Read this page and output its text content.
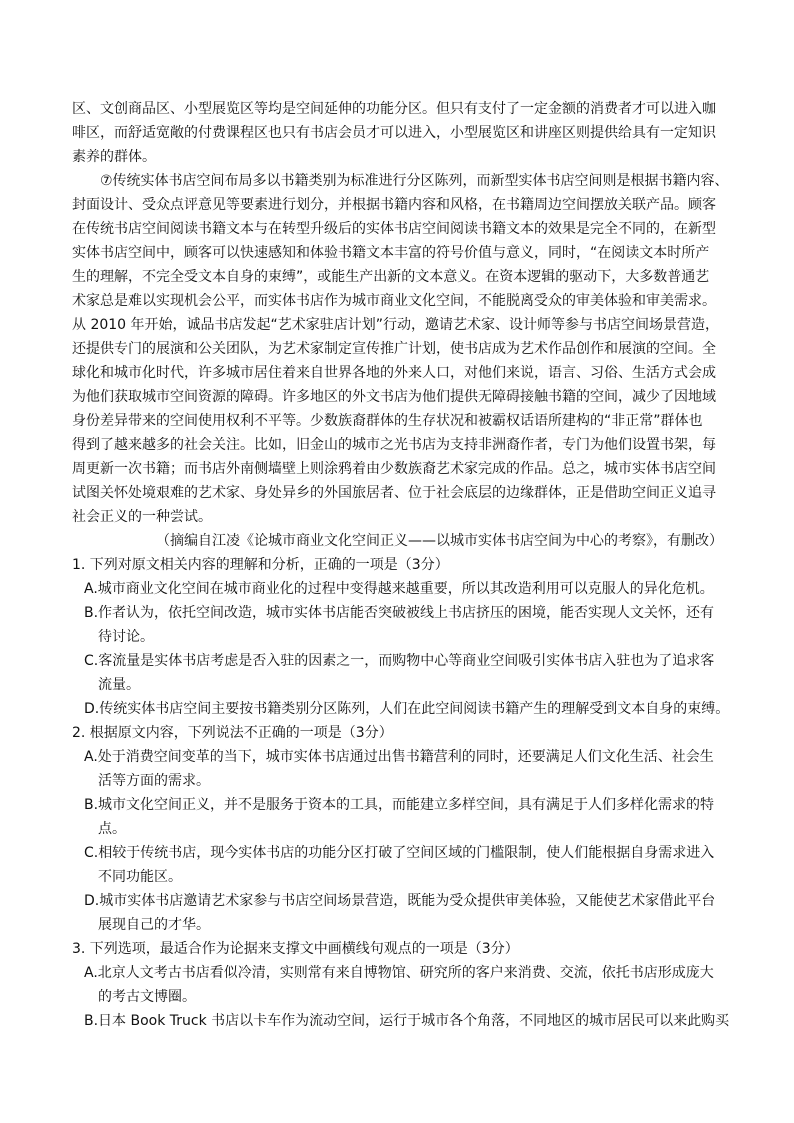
区、文创商品区、小型展览区等均是空间延伸的功能分区。但只有支付了一定金额的消费者才可以进入咖

啡区，而舒适宽敞的付费课程区也只有书店会员才可以进入，小型展览区和讲座区则提供给具有一定知识

素养的群体。

⑦传统实体书店空间布局多以书籍类别为标准进行分区陈列，而新型实体书店空间则是根据书籍内容、

封面设计、受众点评意见等要素进行划分，并根据书籍内容和风格，在书籍周边空间摆放关联产品。顾客

在传统书店空间阅读书籍文本与在转型升级后的实体书店空间阅读书籍文本的效果是完全不同的，在新型

实体书店空间中，顾客可以快速感知和体验书籍文本丰富的符号价值与意义，同时，“在阅读文本时所产

生的理解，不完全受文本自身的束缚”，或能生产出新的文本意义。在资本逻辑的驱动下，大多数普通艺

术家总是难以实现机会公平，而实体书店作为城市商业文化空间，不能脱离受众的审美体验和审美需求。

从 2010 年开始，诚品书店发起“艺术家驻店计划”行动，邀请艺术家、设计师等参与书店空间场景营造，

还提供专门的展演和公关团队，为艺术家制定宣传推广计划，使书店成为艺术作品创作和展演的空间。全

球化和城市化时代，许多城市居住着来自世界各地的外来人口，对他们来说，语言、习俗、生活方式会成

为他们获取城市空间资源的障碍。许多地区的外文书店为他们提供无障碍接触书籍的空间，减少了因地域

身份差异带来的空间使用权利不平等。少数族裔群体的生存状况和被霸权话语所建构的“非正常”群体也

得到了越来越多的社会关注。比如，旧金山的城市之光书店为支持非洲裔作者，专门为他们设置书架，每

周更新一次书籍；而书店外南侧墙壁上则涂鸦着由少数族裔艺术家完成的作品。总之，城市实体书店空间

试图关怀处境艰难的艺术家、身处异乡的外国旅居者、位于社会底层的边缘群体，正是借助空间正义追寻

社会正义的一种尝试。

（摘编自江凌《论城市商业文化空间正义——以城市实体书店空间为中心的考察》，有删改）

1. 下列对原文相关内容的理解和分析，正确的一项是（3分）

A.城市商业文化空间在城市商业化的过程中变得越来越重要，所以其改造利用可以克服人的异化危机。

B.作者认为，依托空间改造，城市实体书店能否突破被线上书店挤压的困境，能否实现人文关怀，还有
待讨论。

C.客流量是实体书店考虑是否入驻的因素之一，而购物中心等商业空间吸引实体书店入驻也为了追求客
流量。

D.传统实体书店空间主要按书籍类别分区陈列，人们在此空间阅读书籍产生的理解受到文本自身的束缚。

2. 根据原文内容，下列说法不正确的一项是（3分）

A.处于消费空间变革的当下，城市实体书店通过出售书籍营利的同时，还要满足人们文化生活、社会生
活等方面的需求。

B.城市文化空间正义，并不是服务于资本的工具，而能建立多样空间，具有满足于人们多样化需求的特
点。

C.相较于传统书店，现今实体书店的功能分区打破了空间区域的门槛限制，使人们能根据自身需求进入
不同功能区。

D.城市实体书店邀请艺术家参与书店空间场景营造，既能为受众提供审美体验，又能使艺术家借此平台
展现自己的才华。

3. 下列选项，最适合作为论据来支撑文中画横线句观点的一项是（3分）

A.北京人文考古书店看似冷清，实则常有来自博物馆、研究所的客户来消费、交流，依托书店形成庞大
的考古文博圈。

B.日本 Book Truck 书店以卡车作为流动空间，运行于城市各个角落，不同地区的城市居民可以来此购买
